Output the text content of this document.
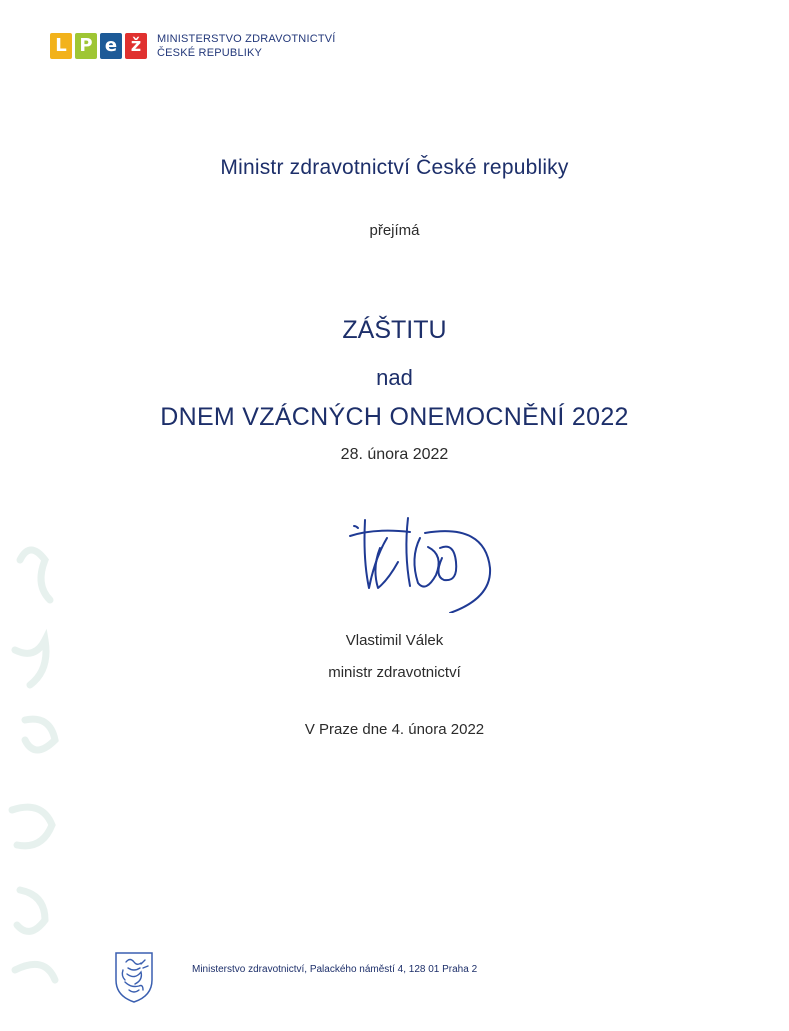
L P e ž	MINISTERSTVO ZDRAVOTNICTVÍ
ČESKÉ REPUBLIKY
Ministr zdravotnictví České republiky
přejímá
ZÁŠTITU
nad
DNEM VZÁCNÝCH ONEMOCNĚNÍ 2022
28. února 2022
Vlastimil Válek
ministr zdravotnictví
V Praze dne 4. února 2022
Ministerstvo zdravotnictví, Palackého náměstí 4, 128 01 Praha 2
